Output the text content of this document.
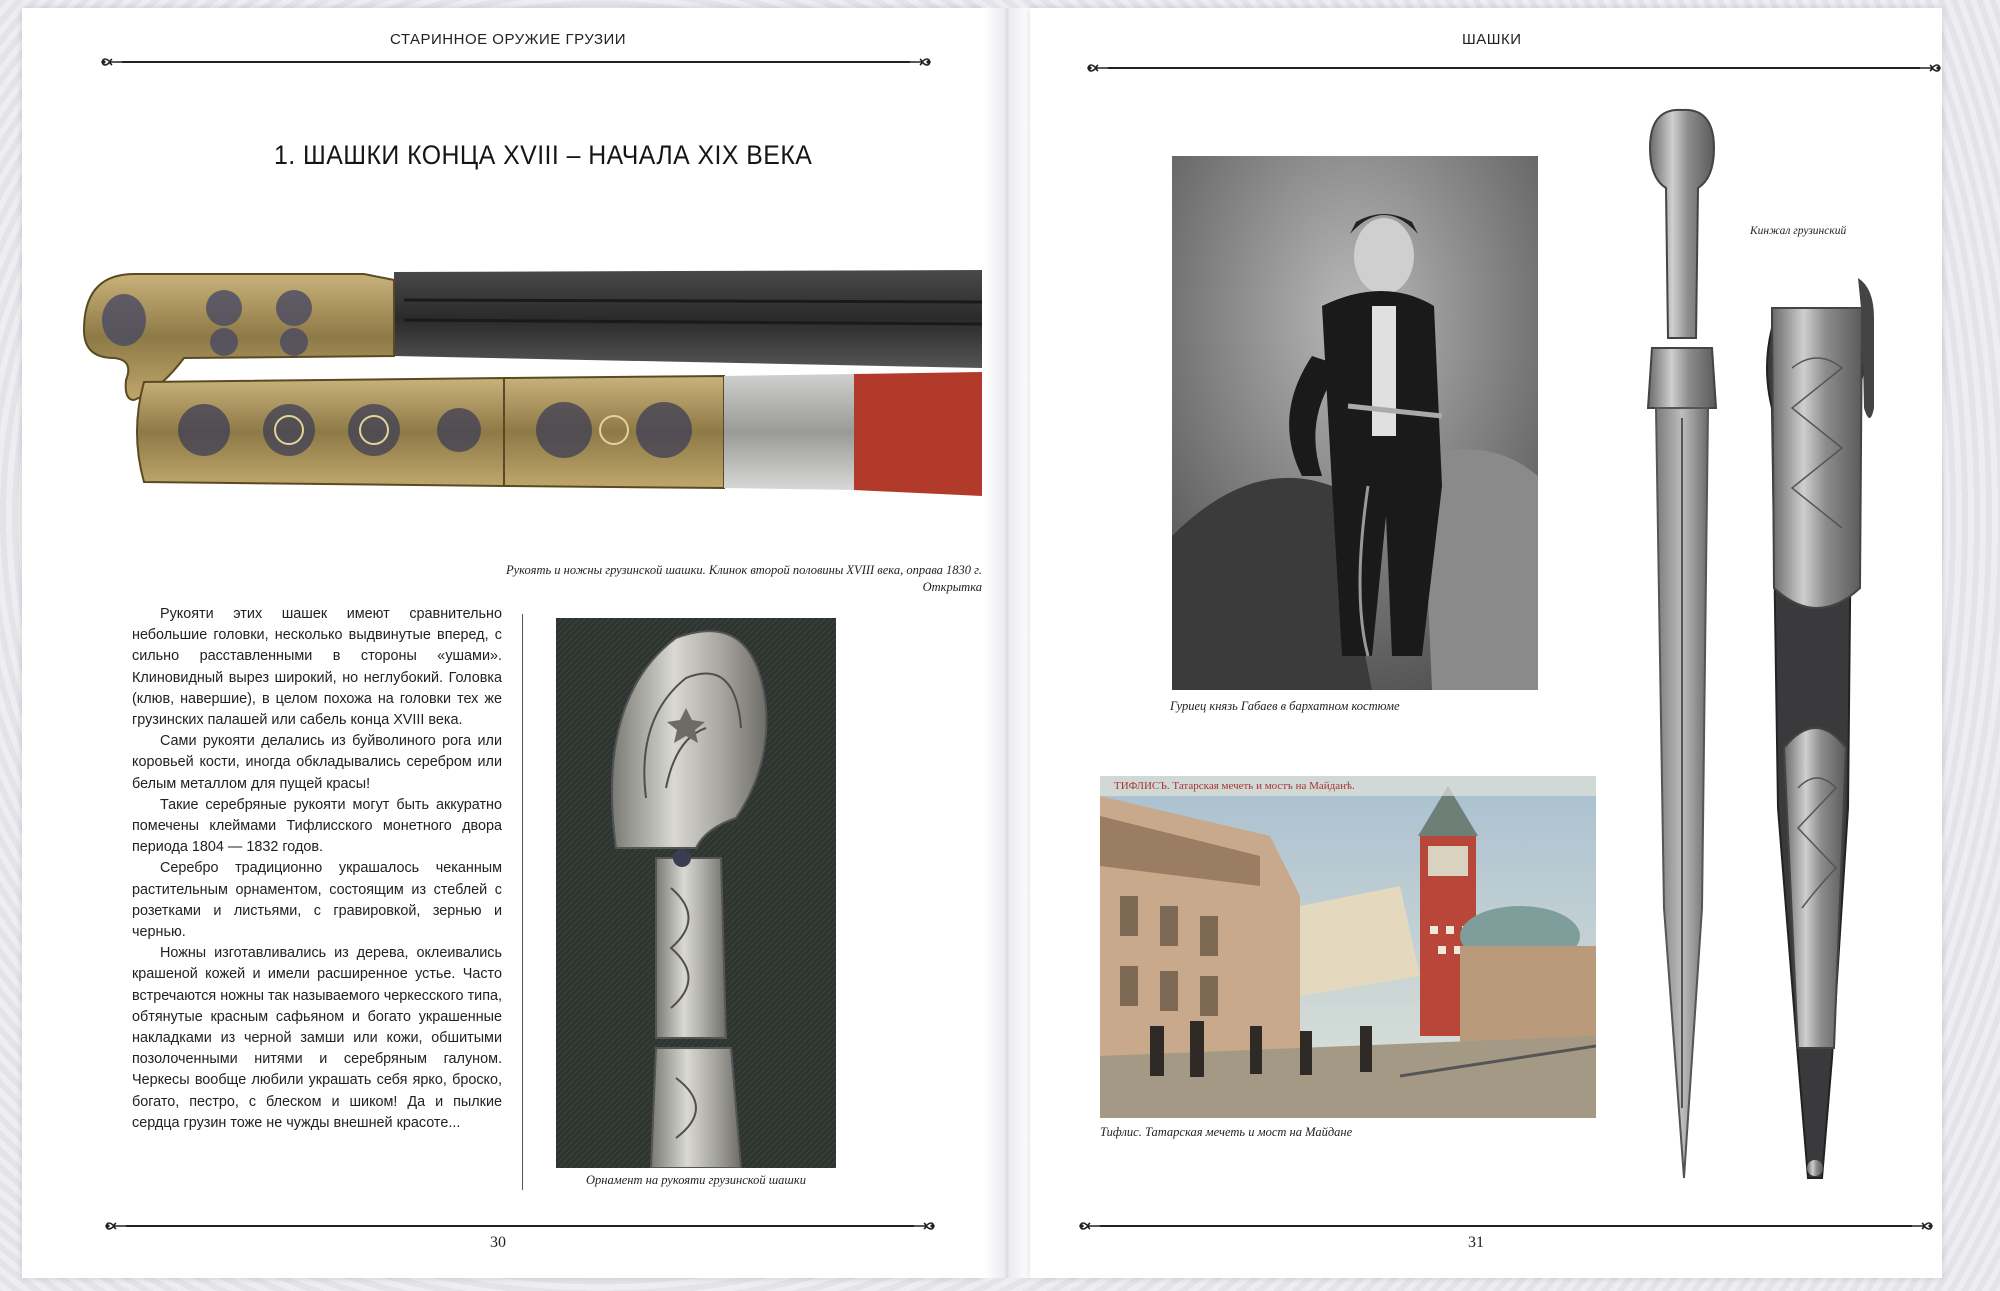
СТАРИННОЕ ОРУЖИЕ ГРУЗИИ
1. ШАШКИ КОНЦА XVIII – НАЧАЛА XIX ВЕКА
Рукоять и ножны грузинской шашки. Клинок второй половины XVIII века, оправа 1830 г. Открытка

Рукояти этих шашек имеют сравнительно небольшие головки, несколько выдвинутые вперед, с сильно расставленными в стороны «ушами». Клиновидный вырез широкий, но неглубокий. Головка (клюв, навершие), в целом похожа на головки тех же грузинских палашей или сабель конца XVIII века.

Сами рукояти делались из буйволиного рога или коровьей кости, иногда обкладывались серебром или белым металлом для пущей красы!

Такие серебряные рукояти могут быть аккуратно помечены клеймами Тифлисского монетного двора периода 1804 — 1832 годов.

Серебро традиционно украшалось чеканным растительным орнаментом, состоящим из стеблей с розетками и листьями, с гравировкой, зернью и чернью.

Ножны изготавливались из дерева, оклеивались крашеной кожей и имели расширенное устье. Часто встречаются ножны так называемого черкесского типа, обтянутые красным сафьяном и богато украшенные накладками из черной замши или кожи, обшитыми позолоченными нитями и серебряным галуном. Черкесы вообще любили украшать себя ярко, броско, богато, пестро, с блеском и шиком! Да и пылкие сердца грузин тоже не чужды внешней красоте...

Орнамент на рукояти грузинской шашки
30
ШАШКИ
Гуриец князь Габаев в бархатном костюме
ТИФЛИСЪ. Татарская мечеть и мостъ на Майданѣ.
Тифлис. Татарская мечеть и мост на Майдане
Кинжал грузинский
31
